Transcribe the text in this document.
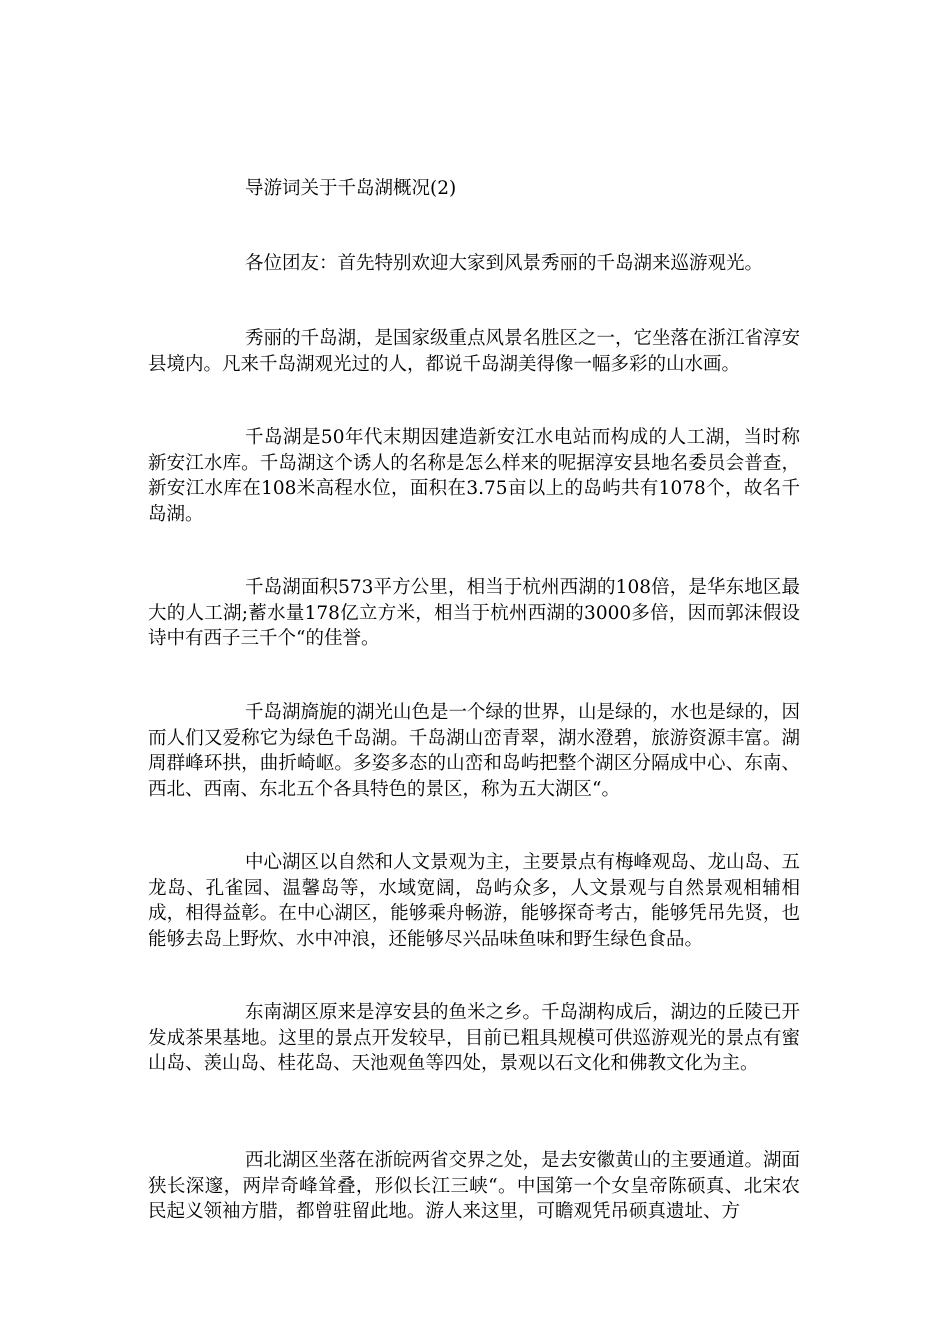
导游词关于千岛湖概况(2)

各位团友：首先特别欢迎大家到风景秀丽的千岛湖来巡游观光。

秀丽的千岛湖，是国家级重点风景名胜区之一，它坐落在浙江省淳安县境内。凡来千岛湖观光过的人，都说千岛湖美得像一幅多彩的山水画。

千岛湖是50年代末期因建造新安江水电站而构成的人工湖，当时称新安江水库。千岛湖这个诱人的名称是怎么样来的呢据淳安县地名委员会普查，新安江水库在108米高程水位，面积在3.75亩以上的岛屿共有1078个，故名千岛湖。

千岛湖面积573平方公里，相当于杭州西湖的108倍，是华东地区最大的人工湖;蓄水量178亿立方米，相当于杭州西湖的3000多倍，因而郭沫假设诗中有西子三千个“的佳誉。

千岛湖旖旎的湖光山色是一个绿的世界，山是绿的，水也是绿的，因而人们又爱称它为绿色千岛湖。千岛湖山峦青翠，湖水澄碧，旅游资源丰富。湖周群峰环拱，曲折崎岖。多姿多态的山峦和岛屿把整个湖区分隔成中心、东南、西北、西南、东北五个各具特色的景区，称为五大湖区“。

中心湖区以自然和人文景观为主，主要景点有梅峰观岛、龙山岛、五龙岛、孔雀园、温馨岛等，水域宽阔，岛屿众多，人文景观与自然景观相辅相成，相得益彰。在中心湖区，能够乘舟畅游，能够探奇考古，能够凭吊先贤，也能够去岛上野炊、水中冲浪，还能够尽兴品味鱼味和野生绿色食品。

东南湖区原来是淳安县的鱼米之乡。千岛湖构成后，湖边的丘陵已开发成茶果基地。这里的景点开发较早，目前已粗具规模可供巡游观光的景点有蜜山岛、羡山岛、桂花岛、天池观鱼等四处，景观以石文化和佛教文化为主。

西北湖区坐落在浙皖两省交界之处，是去安徽黄山的主要通道。湖面狭长深邃，两岸奇峰耸叠，形似长江三峡“。中国第一个女皇帝陈硕真、北宋农民起义领袖方腊，都曾驻留此地。游人来这里，可瞻观凭吊硕真遗址、方
